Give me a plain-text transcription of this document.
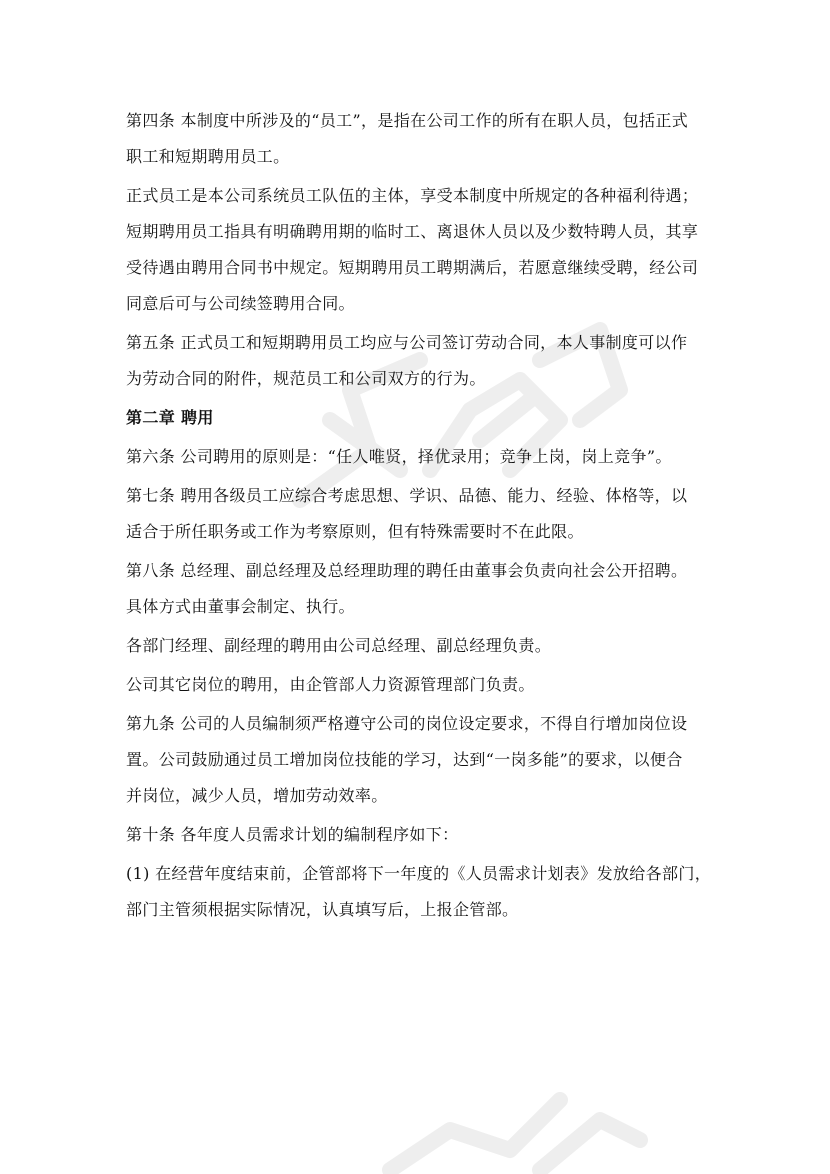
第四条 本制度中所涉及的“员工”，是指在公司工作的所有在职人员，包括正式
职工和短期聘用员工。
正式员工是本公司系统员工队伍的主体，享受本制度中所规定的各种福利待遇；
短期聘用员工指具有明确聘用期的临时工、离退休人员以及少数特聘人员，其享
受待遇由聘用合同书中规定。短期聘用员工聘期满后，若愿意继续受聘，经公司
同意后可与公司续签聘用合同。
第五条 正式员工和短期聘用员工均应与公司签订劳动合同，本人事制度可以作
为劳动合同的附件，规范员工和公司双方的行为。
第二章 聘用
第六条 公司聘用的原则是：“任人唯贤，择优录用；竞争上岗，岗上竞争”。
第七条 聘用各级员工应综合考虑思想、学识、品德、能力、经验、体格等，以
适合于所任职务或工作为考察原则，但有特殊需要时不在此限。
第八条 总经理、副总经理及总经理助理的聘任由董事会负责向社会公开招聘。
具体方式由董事会制定、执行。
各部门经理、副经理的聘用由公司总经理、副总经理负责。
公司其它岗位的聘用，由企管部人力资源管理部门负责。
第九条 公司的人员编制须严格遵守公司的岗位设定要求，不得自行增加岗位设
置。公司鼓励通过员工增加岗位技能的学习，达到“一岗多能”的要求，以便合
并岗位，减少人员，增加劳动效率。
第十条 各年度人员需求计划的编制程序如下：
(1) 在经营年度结束前，企管部将下一年度的《人员需求计划表》发放给各部门，
部门主管须根据实际情况，认真填写后，上报企管部。
